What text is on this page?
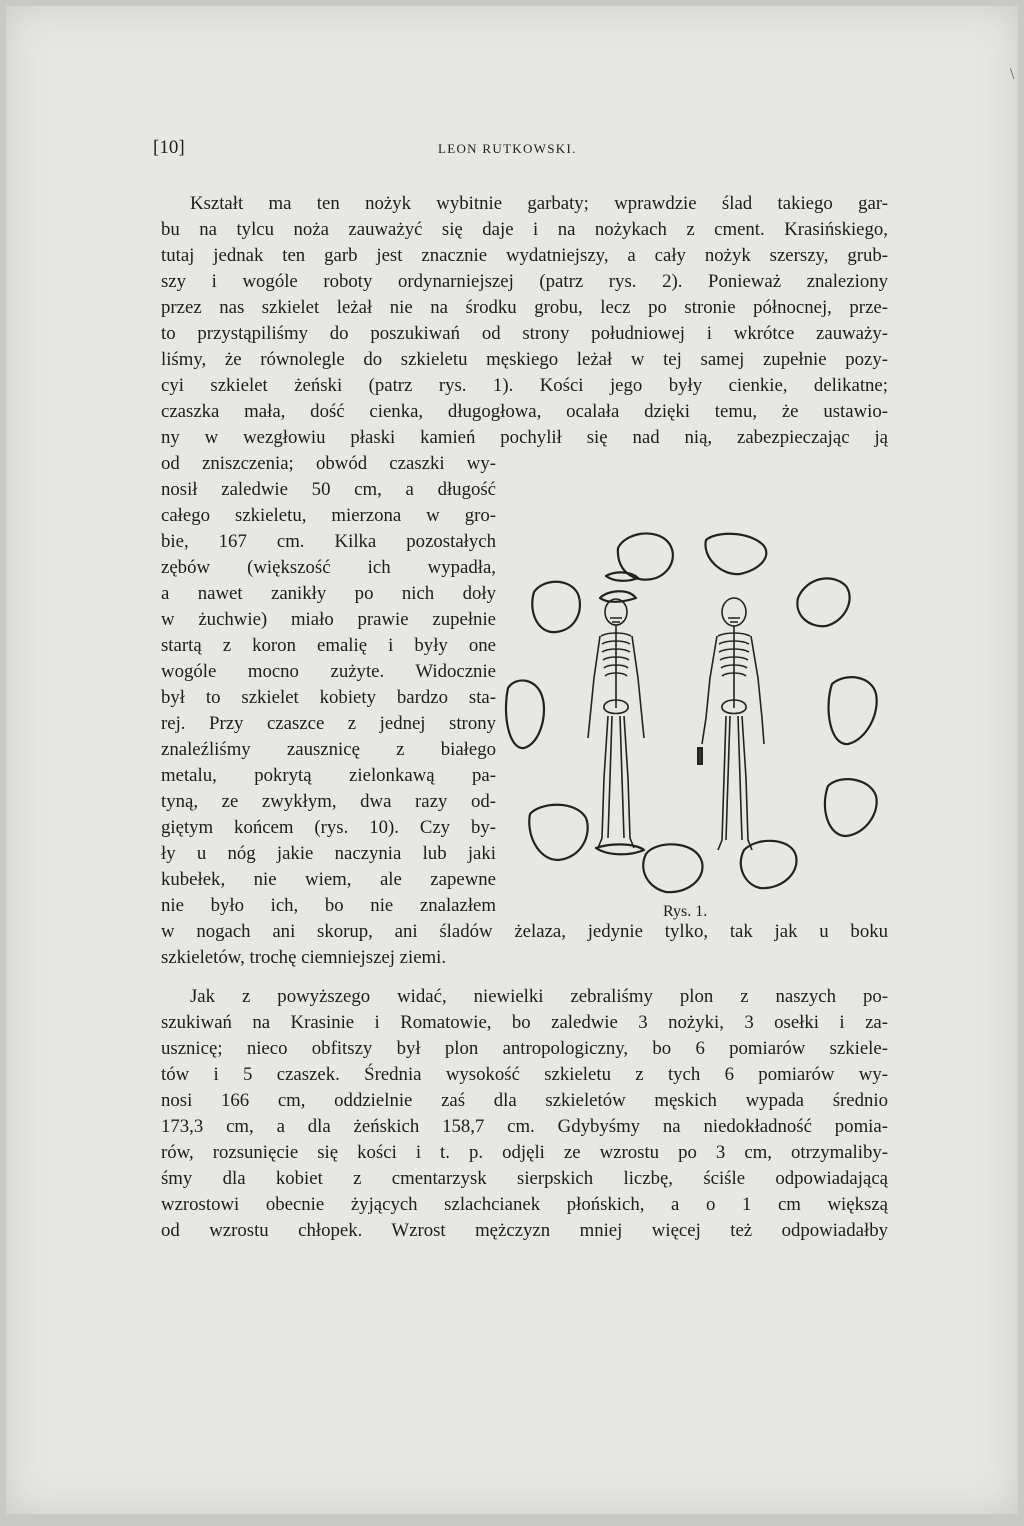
[10]	LEON RUTKOWSKI.
Kształt ma ten nożyk wybitnie garbaty; wprawdzie ślad takiego gar-
bu na tylcu noża zauważyć się daje i na nożykach z cment. Krasińskiego,
tutaj jednak ten garb jest znacznie wydatniejszy, a cały nożyk szerszy, grub-
szy i wogóle roboty ordynarniejszej (patrz rys. 2). Ponieważ znaleziony
przez nas szkielet leżał nie na środku grobu, lecz po stronie północnej, prze-
to przystąpiliśmy do poszukiwań od strony południowej i wkrótce zauważy-
liśmy, że równolegle do szkieletu męskiego leżał w tej samej zupełnie pozy-
cyi szkielet żeński (patrz rys. 1). Kości jego były cienkie, delikatne;
czaszka mała, dość cienka, długogłowa, ocalała dzięki temu, że ustawio-
ny w wezgłowiu płaski kamień pochylił się nad nią, zabezpieczając ją
od zniszczenia; obwód czaszki wy-
nosił zaledwie 50 cm, a długość
całego szkieletu, mierzona w gro-
bie, 167 cm. Kilka pozostałych
zębów (większość ich wypadła,
a nawet zanikły po nich doły
w żuchwie) miało prawie zupełnie
startą z koron emalię i były one
wogóle mocno zużyte. Widocznie
był to szkielet kobiety bardzo sta-
rej. Przy czaszce z jednej strony
znaleźliśmy zausznicę z białego
metalu, pokrytą zielonkawą pa-
tyną, ze zwykłym, dwa razy od-
giętym końcem (rys. 10). Czy by-
ły u nóg jakie naczynia lub jaki
kubełek, nie wiem, ale zapewne
nie było ich, bo nie znalazłem
w nogach ani skorup, ani śladów żelaza, jedynie tylko, tak jak u boku
szkieletów, trochę ciemniejszej ziemi.
Jak z powyższego widać, niewielki zebraliśmy plon z naszych po-
szukiwań na Krasinie i Romatowie, bo zaledwie 3 nożyki, 3 osełki i za-
usznicę; nieco obfitszy był plon antropologiczny, bo 6 pomiarów szkiele-
tów i 5 czaszek. Średnia wysokość szkieletu z tych 6 pomiarów wy-
nosi 166 cm, oddzielnie zaś dla szkieletów męskich wypada średnio
173,3 cm, a dla żeńskich 158,7 cm. Gdybyśmy na niedokładność pomia-
rów, rozsunięcie się kości i t. p. odjęli ze wzrostu po 3 cm, otrzymaliby-
śmy dla kobiet z cmentarzysk sierpskich liczbę, ściśle odpowiadającą
wzrostowi obecnie żyjących szlachcianek płońskich, a o 1 cm większą
od wzrostu chłopek. Wzrost mężczyzn mniej więcej też odpowiadałby
Rys. 1.
\
